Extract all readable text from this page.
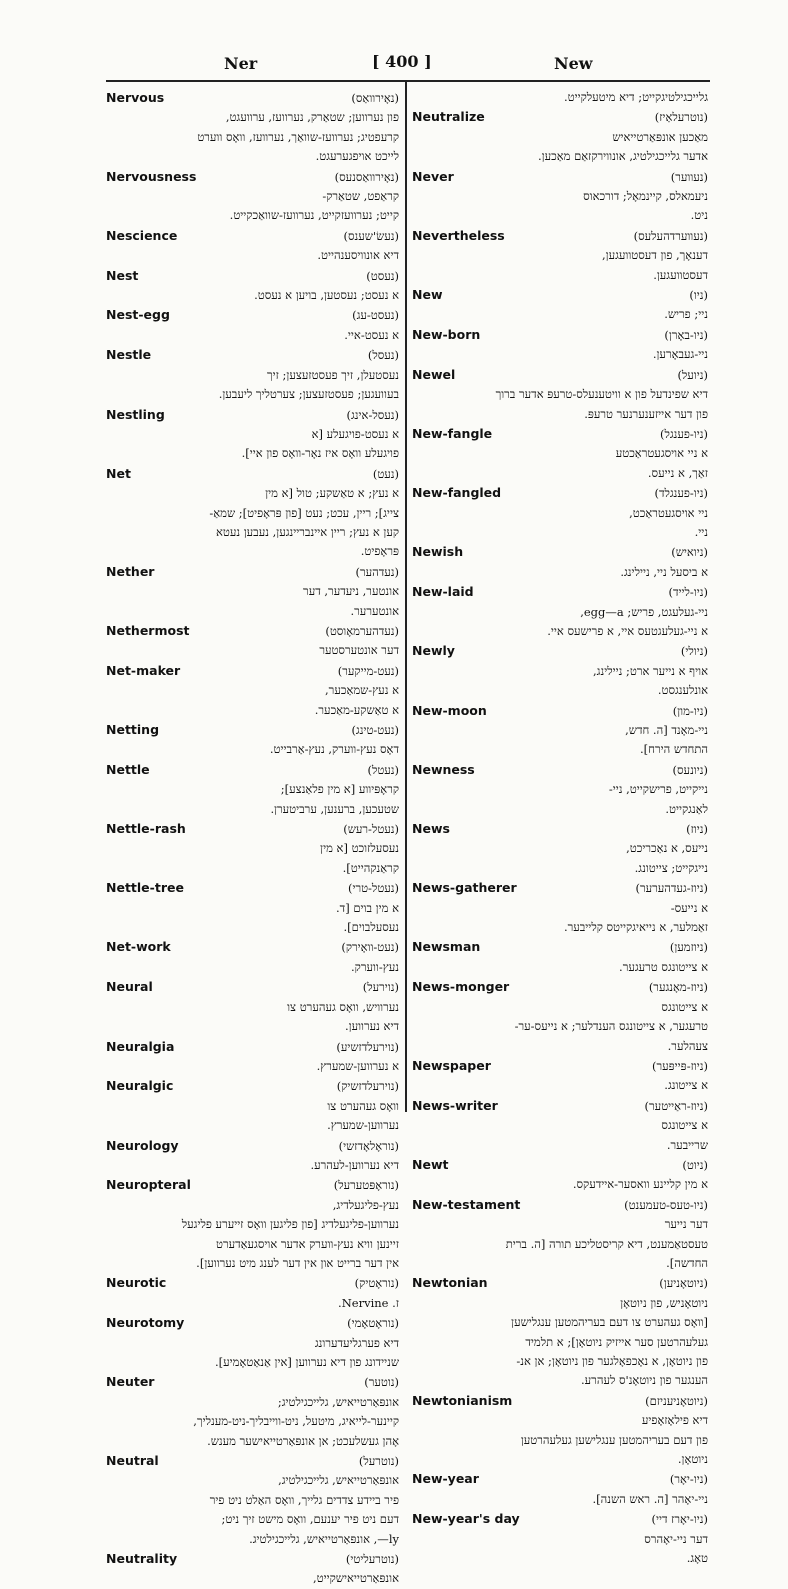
Ner	[ 400 ]	New
Nervous	(נאָירוואַס)
פון נערווען; שטאַרק, נערוועז, ערוועגט,
קרעפטיג; נערוועז-שוואַך, נערוועז, וואָס ווערט
לייכט אויפגערעגט.
Nervousness	(נאָירוואַסנעס)
קראַפט, שטאַרק-
קייט; נערוועזקייט, נערוועז-שוואַכקייט.
Nescience	(נעשׂ'שענס)
דיא אונוויסענהייט.
Nest	(נעסט)
א נעסט; נעסטען, בויען א נעסט.
Nest-egg	(נעסט-עג)
א נעסט-איי.
Nestle	(נעסל)
נעסטעלן, זיך פעסטזעצען; זיך
בעוועגען; פעסטזעצען; צערטליך ליעבען.
Nestling	(נעסל-אינג)
א נעסט-פויגעלע [א
פויגעלע וואָס איז נאָר-וואָס פון איי].
Net	(נעט)
א נעץ; א טאַשקע; טול [א מין
צייג]; ריין, עכט; נעט [פון פּראָפיט]; שמאַ-
קען א נעץ; ריין איינבריינגען, נעבען נעטא
פּראָפיט.
Nether	(נעדהער)
אונטער, ניעדער, דער
אונטערער.
Nethermost	(נעדהערמאָוסט)
דער אונטערסטער
Net-maker	(נעט-מייקער)
א נעץ-שמאַכער,
א טאַשקע-מאַכער.
Netting	(נעט-טינג)
דאָס נעץ-ווערק, נעץ-אַרבייט.
Nettle	(נעטל)
קראָפּיווע [א מין פלאַנצע];
שטעכען, ברענען, ערביטערן.
Nettle-rash	(נעטל-רעש)
נעסעלזוכט [א מין
קראַנקהייט].
Nettle-tree	(נעטל-טרי)
א מין בוים [ד.
נעסעלבוים].
Net-work	(נעט-וואָירק)
נעץ-ווערק.
Neural	(נוירעל)
נערוויש, וואָס געהערט צו
דיא נערווען.
Neuralgia	(נוירעלדזשיע)
א נערווען-שמערץ.
Neuralgic	(נוירעלדזשיק)
וואָס געהערט צו
נערווען-שמערץ.
Neurology	(נוראָלאָדזשי)
דיא נערווען-לעהרע.
Neuropteral	(נוראָפּטערעל)
נעץ-פליגעלדיג,
נערווען-פליגעלדיג [פון פליגען וואָס זייערע פליגעל
זיינען וויא נעץ-ווערק אדער אויסגעאַדערט
אין דער ברייט און אין דער לענג מיט נערווען].
Neurotic	(נוראָטיק)
ז. Nervine.
Neurotomy	(נוראָטאָמי)
דיא פערגליעדערונג
שניידונג פון דיא נערווען [אין אַנאַטאָמיע].
Neuter	(נוטער)
אונפּאַרטייאיש, גלייכגילטיג;
קיינער-לייאיג, מיטעל, ניט-ווייבליך-ניט-מענליך,
אָהן געשלעכט; אן אונפּאַרטייאישער מענש.
Neutral	(נוטרעל)
אונפּאַרטייאיש, גלייכגילטיג,
פיר ביידע צדדים גלייך, וואָס האַלט ניט פיר
דעם ניט פיר יענעם, וואָס מישט זיך ניט;
ly—, אונפּאַרטייאיש, גלייכגילטיג.
Neutrality	(נוטרעליטי)
אונפּאַרטייאישקייט,
גלייכגילטיגקייט; דיא מיטעלקייט.
Neutralize	(נוטרעלאַיז)
מאַכען אונפּאַרטייאיש
אדער גלייכגילטיג, אונווירקזאַם מאַכען.
Never	(נעווער)
ניעמאלס, קיינמאָל; דורכאוס
ניט.
Nevertheless	(נעווערדהעלעס)
דענאָך, פון דעסטוועגען,
דעסטוועגען.
New	(ניו)
ניי; פריש.
New-born	(ניו-באָרן)
ניי-געבאָרען.
Newel	(ניועל)
דיא שפינדעל פון א וויטענעלס-טרעפּ אדער ברוך
פון דער אייזענערנער טרעפּ.
New-fangle	(ניו-פענגל)
א ניי אויסגעטראַכטע
זאַך, א נייעס.
New-fangled	(ניו-פענגלד)
ניי אויסגעטראַכט,
ניי.
Newish	(ניואיש)
א ביסעל ניי, ניילינג.
New-laid	(ניו-לייד)
ניי-געלעגט, פריש; egg—a,
א ניי-געלעגטעס איי, א פרישעס איי.
Newly	(ניולי)
אויף א נייער ארט; ניילינג,
אונלענגסט.
New-moon	(ניו-מון)
ניי-מאָנד [ה. חדש,
התחדש הירח].
Newness	(ניונעס)
נייקייט, פרישקייט, ניי-
לאַנגקייט.
News	(ניוז)
נייעס, א נאַכריכט,
נייגקייט; צייטונג.
News-gatherer	(ניוז-געדהערער)
א נייעס-
זאַמלער, א נייאיגקייטס קלייבער.
Newsman	(ניוזמען)
א צייטונגס טרעגער.
News-monger	(ניוז-מאָנגער)
א צייטונגס
טרעגער, א צייטונגס הענדלער; א נייעס-ער-
צעהלער.
Newspaper	(ניוז-פּייפּער)
א צייטונג.
News-writer	(ניוז-ראַייטער)
א צייטונגס
שרייבער.
Newt	(ניוט)
א מין קליינע וואסער-איידעקס.
New-testament	(ניו-טעס-טעמענט)
דער נייער
טעסטאַמענט, דיא קריסטליכע תורה [ה. ברית
החדשה].
Newtonian	(ניוטאָניען)
ניוטאָניש, פון ניוטאָן
[וואָס געהערט צו דעם בעריהמטען ענגלישען
געלעהרטען סער אייזיק ניוטאָן]; א תלמיד
פון ניוטאָן, א נאָכפאָלגער פון ניוטאָן; אן אנ-
הענגער פון ניוטאָנ'ס לעהרע.
Newtonianism	(ניוטאָניעניזם)
דיא פילאָזאָפיע
פון דעם בעריהמטען ענגלישען געלעהרטען
ניוטאָן.
New-year	(ניו-יאָר)
ניי-יאָהר [ה. ראש השנה].
New-year's day	(ניו-יאָרז דיי)
דער ניי-יאָהרס
טאָג.
